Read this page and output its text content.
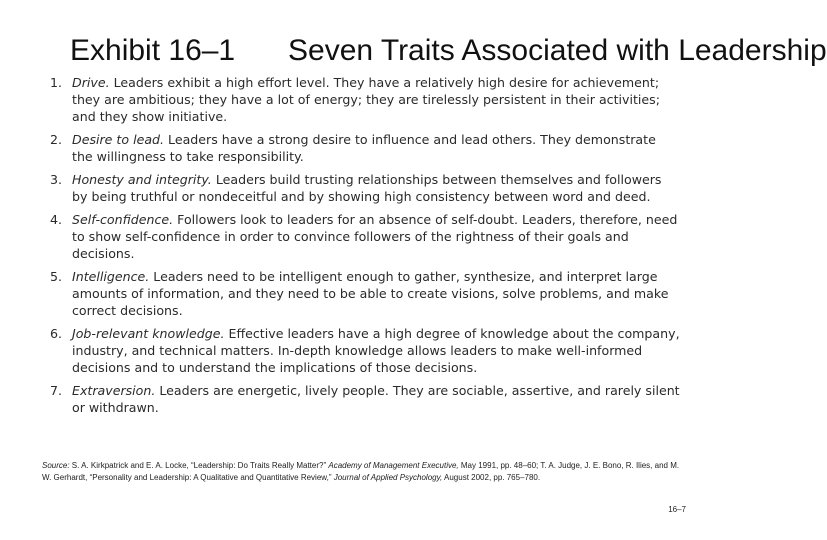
Exhibit 16–1 Seven Traits Associated with Leadership
1. Drive. Leaders exhibit a high effort level. They have a relatively high desire for achievement; they are ambitious; they have a lot of energy; they are tirelessly persistent in their activities; and they show initiative.
2. Desire to lead. Leaders have a strong desire to influence and lead others. They demonstrate the willingness to take responsibility.
3. Honesty and integrity. Leaders build trusting relationships between themselves and followers by being truthful or nondeceitful and by showing high consistency between word and deed.
4. Self-confidence. Followers look to leaders for an absence of self-doubt. Leaders, therefore, need to show self-confidence in order to convince followers of the rightness of their goals and decisions.
5. Intelligence. Leaders need to be intelligent enough to gather, synthesize, and interpret large amounts of information, and they need to be able to create visions, solve problems, and make correct decisions.
6. Job-relevant knowledge. Effective leaders have a high degree of knowledge about the company, industry, and technical matters. In-depth knowledge allows leaders to make well-informed decisions and to understand the implications of those decisions.
7. Extraversion. Leaders are energetic, lively people. They are sociable, assertive, and rarely silent or withdrawn.
Source: S. A. Kirkpatrick and E. A. Locke, “Leadership: Do Traits Really Matter?” Academy of Management Executive, May 1991, pp. 48–60; T. A. Judge, J. E. Bono, R. Ilies, and M. W. Gerhardt, “Personality and Leadership: A Qualitative and Quantitative Review,” Journal of Applied Psychology, August 2002, pp. 765–780.
16–7
